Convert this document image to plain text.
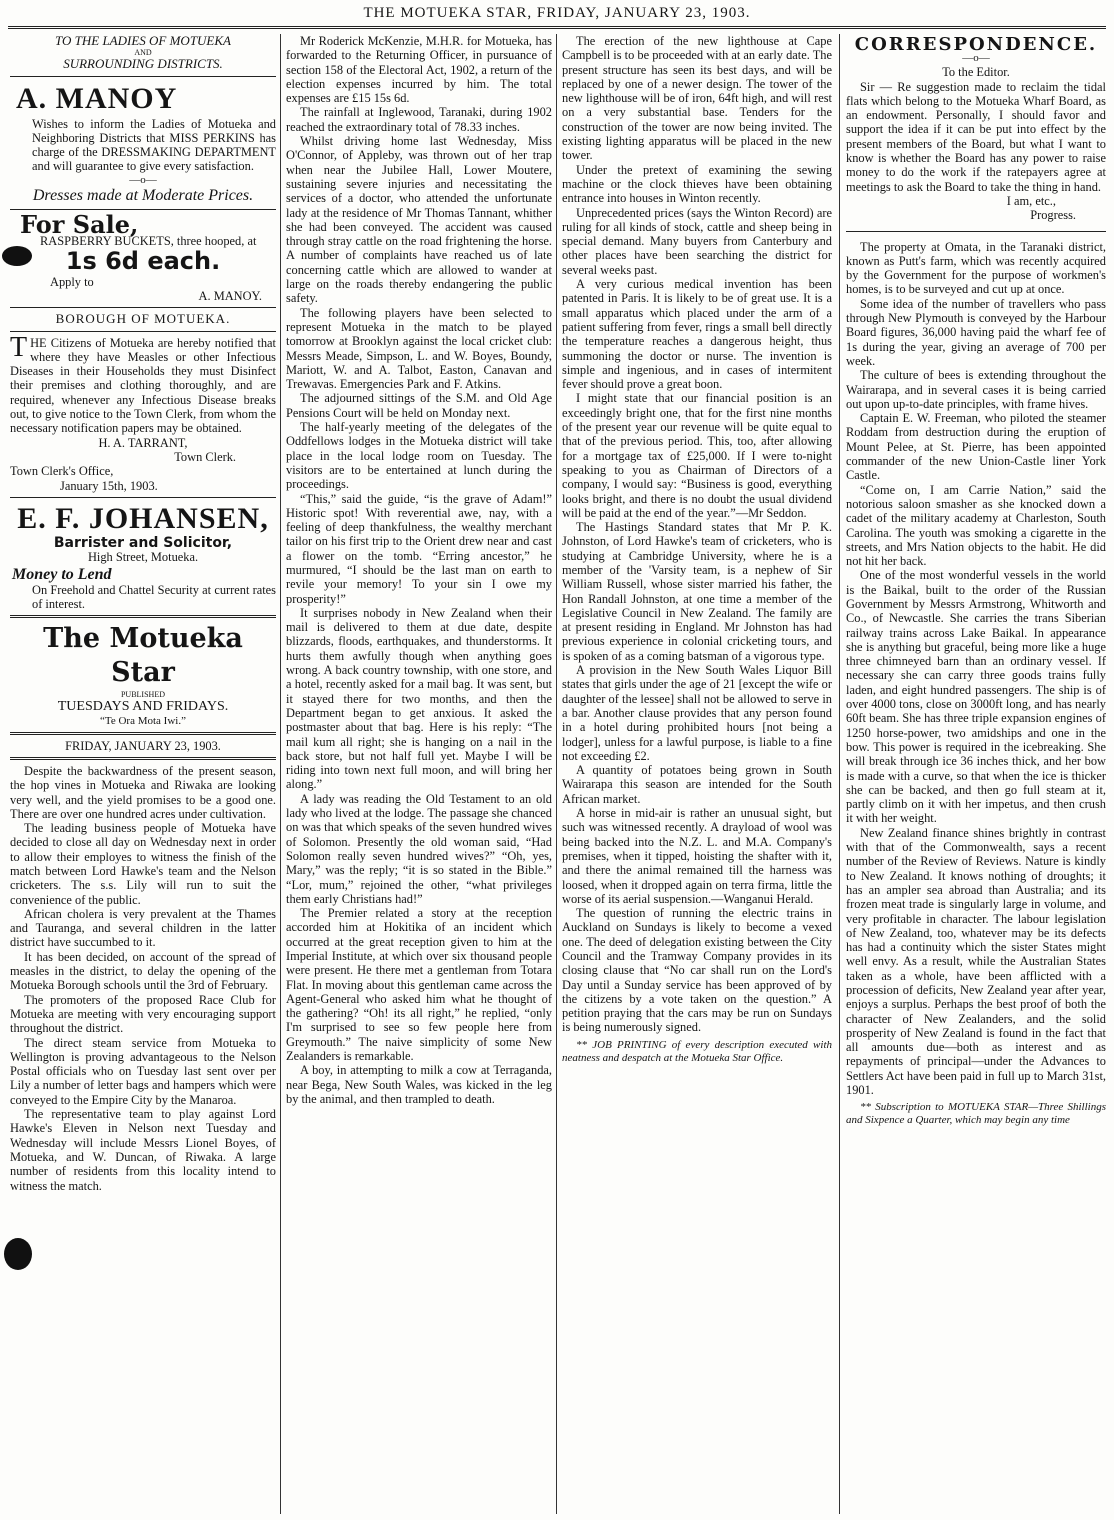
THE MOTUEKA STAR, FRIDAY, JANUARY 23, 1903.
TO THE LADIES OF MOTUEKA
AND
SURROUNDING DISTRICTS.
A. MANOY

Wishes to inform the Ladies of Motueka and Neighboring Districts that MISS PERKINS has charge of the DRESSMAKING DEPARTMENT and will guarantee to give every satisfaction.

—o—
Dresses made at Moderate Prices.
For Sale,

RASPBERRY BUCKETS, three hooped, at

1s 6d each.
Apply to
A. MANOY.
BOROUGH OF MOTUEKA.

THE Citizens of Motueka are hereby notified that where they have Measles or other Infectious Diseases in their Households they must Disinfect their premises and clothing thoroughly, and are required, whenever any Infectious Disease breaks out, to give notice to the Town Clerk, from whom the necessary notification papers may be obtained.

H. A. TARRANT,
Town Clerk.
Town Clerk's Office,
January 15th, 1903.
E. F. JOHANSEN,
Barrister and Solicitor,
High Street, Motueka.
Money to Lend

On Freehold and Chattel Security at current rates of interest.

The Motueka Star
PUBLISHED
TUESDAYS AND FRIDAYS.
“Te Ora Mota Iwi.”
FRIDAY, JANUARY 23, 1903.

Despite the backwardness of the present season, the hop vines in Motueka and Riwaka are looking very well, and the yield promises to be a good one. There are over one hundred acres under cultivation.

The leading business people of Motueka have decided to close all day on Wednesday next in order to allow their employes to witness the finish of the match between Lord Hawke's team and the Nelson cricketers. The s.s. Lily will run to suit the convenience of the public.

African cholera is very prevalent at the Thames and Tauranga, and several children in the latter district have succumbed to it.

It has been decided, on account of the spread of measles in the district, to delay the opening of the Motueka Borough schools until the 3rd of February.

The promoters of the proposed Race Club for Motueka are meeting with very encouraging support throughout the district.

The direct steam service from Motueka to Wellington is proving advantageous to the Nelson Postal officials who on Tuesday last sent over per Lily a number of letter bags and hampers which were conveyed to the Empire City by the Manaroa.

The representative team to play against Lord Hawke's Eleven in Nelson next Tuesday and Wednesday will include Messrs Lionel Boyes, of Motueka, and W. Duncan, of Riwaka. A large number of residents from this locality intend to witness the match.

Mr Roderick McKenzie, M.H.R. for Motueka, has forwarded to the Returning Officer, in pursuance of section 158 of the Electoral Act, 1902, a return of the election expenses incurred by him. The total expenses are £15 15s 6d.

The rainfall at Inglewood, Taranaki, during 1902 reached the extraordinary total of 78.33 inches.

Whilst driving home last Wednesday, Miss O'Connor, of Appleby, was thrown out of her trap when near the Jubilee Hall, Lower Moutere, sustaining severe injuries and necessitating the services of a doctor, who attended the unfortunate lady at the residence of Mr Thomas Tannant, whither she had been conveyed. The accident was caused through stray cattle on the road frightening the horse. A number of complaints have reached us of late concerning cattle which are allowed to wander at large on the roads thereby endangering the public safety.

The following players have been selected to represent Motueka in the match to be played tomorrow at Brooklyn against the local cricket club: Messrs Meade, Simpson, L. and W. Boyes, Boundy, Mariott, W. and A. Talbot, Easton, Canavan and Trewavas. Emergencies Park and F. Atkins.

The adjourned sittings of the S.M. and Old Age Pensions Court will be held on Monday next.

The half-yearly meeting of the delegates of the Oddfellows lodges in the Motueka district will take place in the local lodge room on Tuesday. The visitors are to be entertained at lunch during the proceedings.

“This,” said the guide, “is the grave of Adam!” Historic spot! With reverential awe, nay, with a feeling of deep thankfulness, the wealthy merchant tailor on his first trip to the Orient drew near and cast a flower on the tomb. “Erring ancestor,” he murmured, “I should be the last man on earth to revile your memory! To your sin I owe my prosperity!”

It surprises nobody in New Zealand when their mail is delivered to them at due date, despite blizzards, floods, earthquakes, and thunderstorms. It hurts them awfully though when anything goes wrong. A back country township, with one store, and a hotel, recently asked for a mail bag. It was sent, but it stayed there for two months, and then the Department began to get anxious. It asked the postmaster about that bag. Here is his reply: “The mail kum all right; she is hanging on a nail in the back store, but not half full yet. Maybe I will be riding into town next full moon, and will bring her along.”

A lady was reading the Old Testament to an old lady who lived at the lodge. The passage she chanced on was that which speaks of the seven hundred wives of Solomon. Presently the old woman said, “Had Solomon really seven hundred wives?” “Oh, yes, Mary,” was the reply; “it is so stated in the Bible.” “Lor, mum,” rejoined the other, “what privileges them early Christians had!”

The Premier related a story at the reception accorded him at Hokitika of an incident which occurred at the great reception given to him at the Imperial Institute, at which over six thousand people were present. He there met a gentleman from Totara Flat. In moving about this gentleman came across the Agent-General who asked him what he thought of the gathering? “Oh! its all right,” he replied, “only I'm surprised to see so few people here from Greymouth.” The naive simplicity of some New Zealanders is remarkable.

A boy, in attempting to milk a cow at Terraganda, near Bega, New South Wales, was kicked in the leg by the animal, and then trampled to death.

The erection of the new lighthouse at Cape Campbell is to be proceeded with at an early date. The present structure has seen its best days, and will be replaced by one of a newer design. The tower of the new lighthouse will be of iron, 64ft high, and will rest on a very substantial base. Tenders for the construction of the tower are now being invited. The existing lighting apparatus will be placed in the new tower.

Under the pretext of examining the sewing machine or the clock thieves have been obtaining entrance into houses in Winton recently.

Unprecedented prices (says the Winton Record) are ruling for all kinds of stock, cattle and sheep being in special demand. Many buyers from Canterbury and other places have been searching the district for several weeks past.

A very curious medical invention has been patented in Paris. It is likely to be of great use. It is a small apparatus which placed under the arm of a patient suffering from fever, rings a small bell directly the temperature reaches a dangerous height, thus summoning the doctor or nurse. The invention is simple and ingenious, and in cases of intermitent fever should prove a great boon.

I might state that our financial position is an exceedingly bright one, that for the first nine months of the present year our revenue will be quite equal to that of the previous period. This, too, after allowing for a mortgage tax of £25,000. If I were to-night speaking to you as Chairman of Directors of a company, I would say: “Business is good, everything looks bright, and there is no doubt the usual dividend will be paid at the end of the year.”—Mr Seddon.

The Hastings Standard states that Mr P. K. Johnston, of Lord Hawke's team of cricketers, who is studying at Cambridge University, where he is a member of the 'Varsity team, is a nephew of Sir William Russell, whose sister married his father, the Hon Randall Johnston, at one time a member of the Legislative Council in New Zealand. The family are at present residing in England. Mr Johnston has had previous experience in colonial cricketing tours, and is spoken of as a coming batsman of a vigorous type.

A provision in the New South Wales Liquor Bill states that girls under the age of 21 [except the wife or daughter of the lessee] shall not be allowed to serve in a bar. Another clause provides that any person found in a hotel during prohibited hours [not being a lodger], unless for a lawful purpose, is liable to a fine not exceeding £2.

A quantity of potatoes being grown in South Wairarapa this season are intended for the South African market.

A horse in mid-air is rather an unusual sight, but such was witnessed recently. A drayload of wool was being backed into the N.Z. L. and M.A. Company's premises, when it tipped, hoisting the shafter with it, and there the animal remained till the harness was loosed, when it dropped again on terra firma, little the worse of its aerial suspension.—Wanganui Herald.

The question of running the electric trains in Auckland on Sundays is likely to become a vexed one. The deed of delegation existing between the City Council and the Tramway Company provides in its closing clause that “No car shall run on the Lord's Day until a Sunday service has been approved of by the citizens by a vote taken on the question.” A petition praying that the cars may be run on Sundays is being numerously signed.

** JOB PRINTING of every description executed with neatness and despatch at the Motueka Star Office.

CORRESPONDENCE.
—o—
To the Editor.

Sir — Re suggestion made to reclaim the tidal flats which belong to the Motueka Wharf Board, as an endowment. Personally, I should favor and support the idea if it can be put into effect by the present members of the Board, but what I want to know is whether the Board has any power to raise money to do the work if the ratepayers agree at meetings to ask the Board to take the thing in hand.

I am, etc.,
Progress.

The property at Omata, in the Taranaki district, known as Putt's farm, which was recently acquired by the Government for the purpose of workmen's homes, is to be surveyed and cut up at once.

Some idea of the number of travellers who pass through New Plymouth is conveyed by the Harbour Board figures, 36,000 having paid the wharf fee of 1s during the year, giving an average of 700 per week.

The culture of bees is extending throughout the Wairarapa, and in several cases it is being carried out upon up-to-date principles, with frame hives.

Captain E. W. Freeman, who piloted the steamer Roddam from destruction during the eruption of Mount Pelee, at St. Pierre, has been appointed commander of the new Union-Castle liner York Castle.

“Come on, I am Carrie Nation,” said the notorious saloon smasher as she knocked down a cadet of the military academy at Charleston, South Carolina. The youth was smoking a cigarette in the streets, and Mrs Nation objects to the habit. He did not hit her back.

One of the most wonderful vessels in the world is the Baikal, built to the order of the Russian Government by Messrs Armstrong, Whitworth and Co., of Newcastle. She carries the trans Siberian railway trains across Lake Baikal. In appearance she is anything but graceful, being more like a huge three chimneyed barn than an ordinary vessel. If necessary she can carry three goods trains fully laden, and eight hundred passengers. The ship is of over 4000 tons, close on 3000ft long, and has nearly 60ft beam. She has three triple expansion engines of 1250 horse-power, two amidships and one in the bow. This power is required in the icebreaking. She will break through ice 36 inches thick, and her bow is made with a curve, so that when the ice is thicker she can be backed, and then go full steam at it, partly climb on it with her impetus, and then crush it with her weight.

New Zealand finance shines brightly in contrast with that of the Commonwealth, says a recent number of the Review of Reviews. Nature is kindly to New Zealand. It knows nothing of droughts; it has an ampler sea abroad than Australia; and its frozen meat trade is singularly large in volume, and very profitable in character. The labour legislation of New Zealand, too, whatever may be its defects has had a continuity which the sister States might well envy. As a result, while the Australian States taken as a whole, have been afflicted with a procession of deficits, New Zealand year after year, enjoys a surplus. Perhaps the best proof of both the character of New Zealanders, and the solid prosperity of New Zealand is found in the fact that all amounts due—both as interest and as repayments of principal—under the Advances to Settlers Act have been paid in full up to March 31st, 1901.

** Subscription to MOTUEKA STAR—Three Shillings and Sixpence a Quarter, which may begin any time
